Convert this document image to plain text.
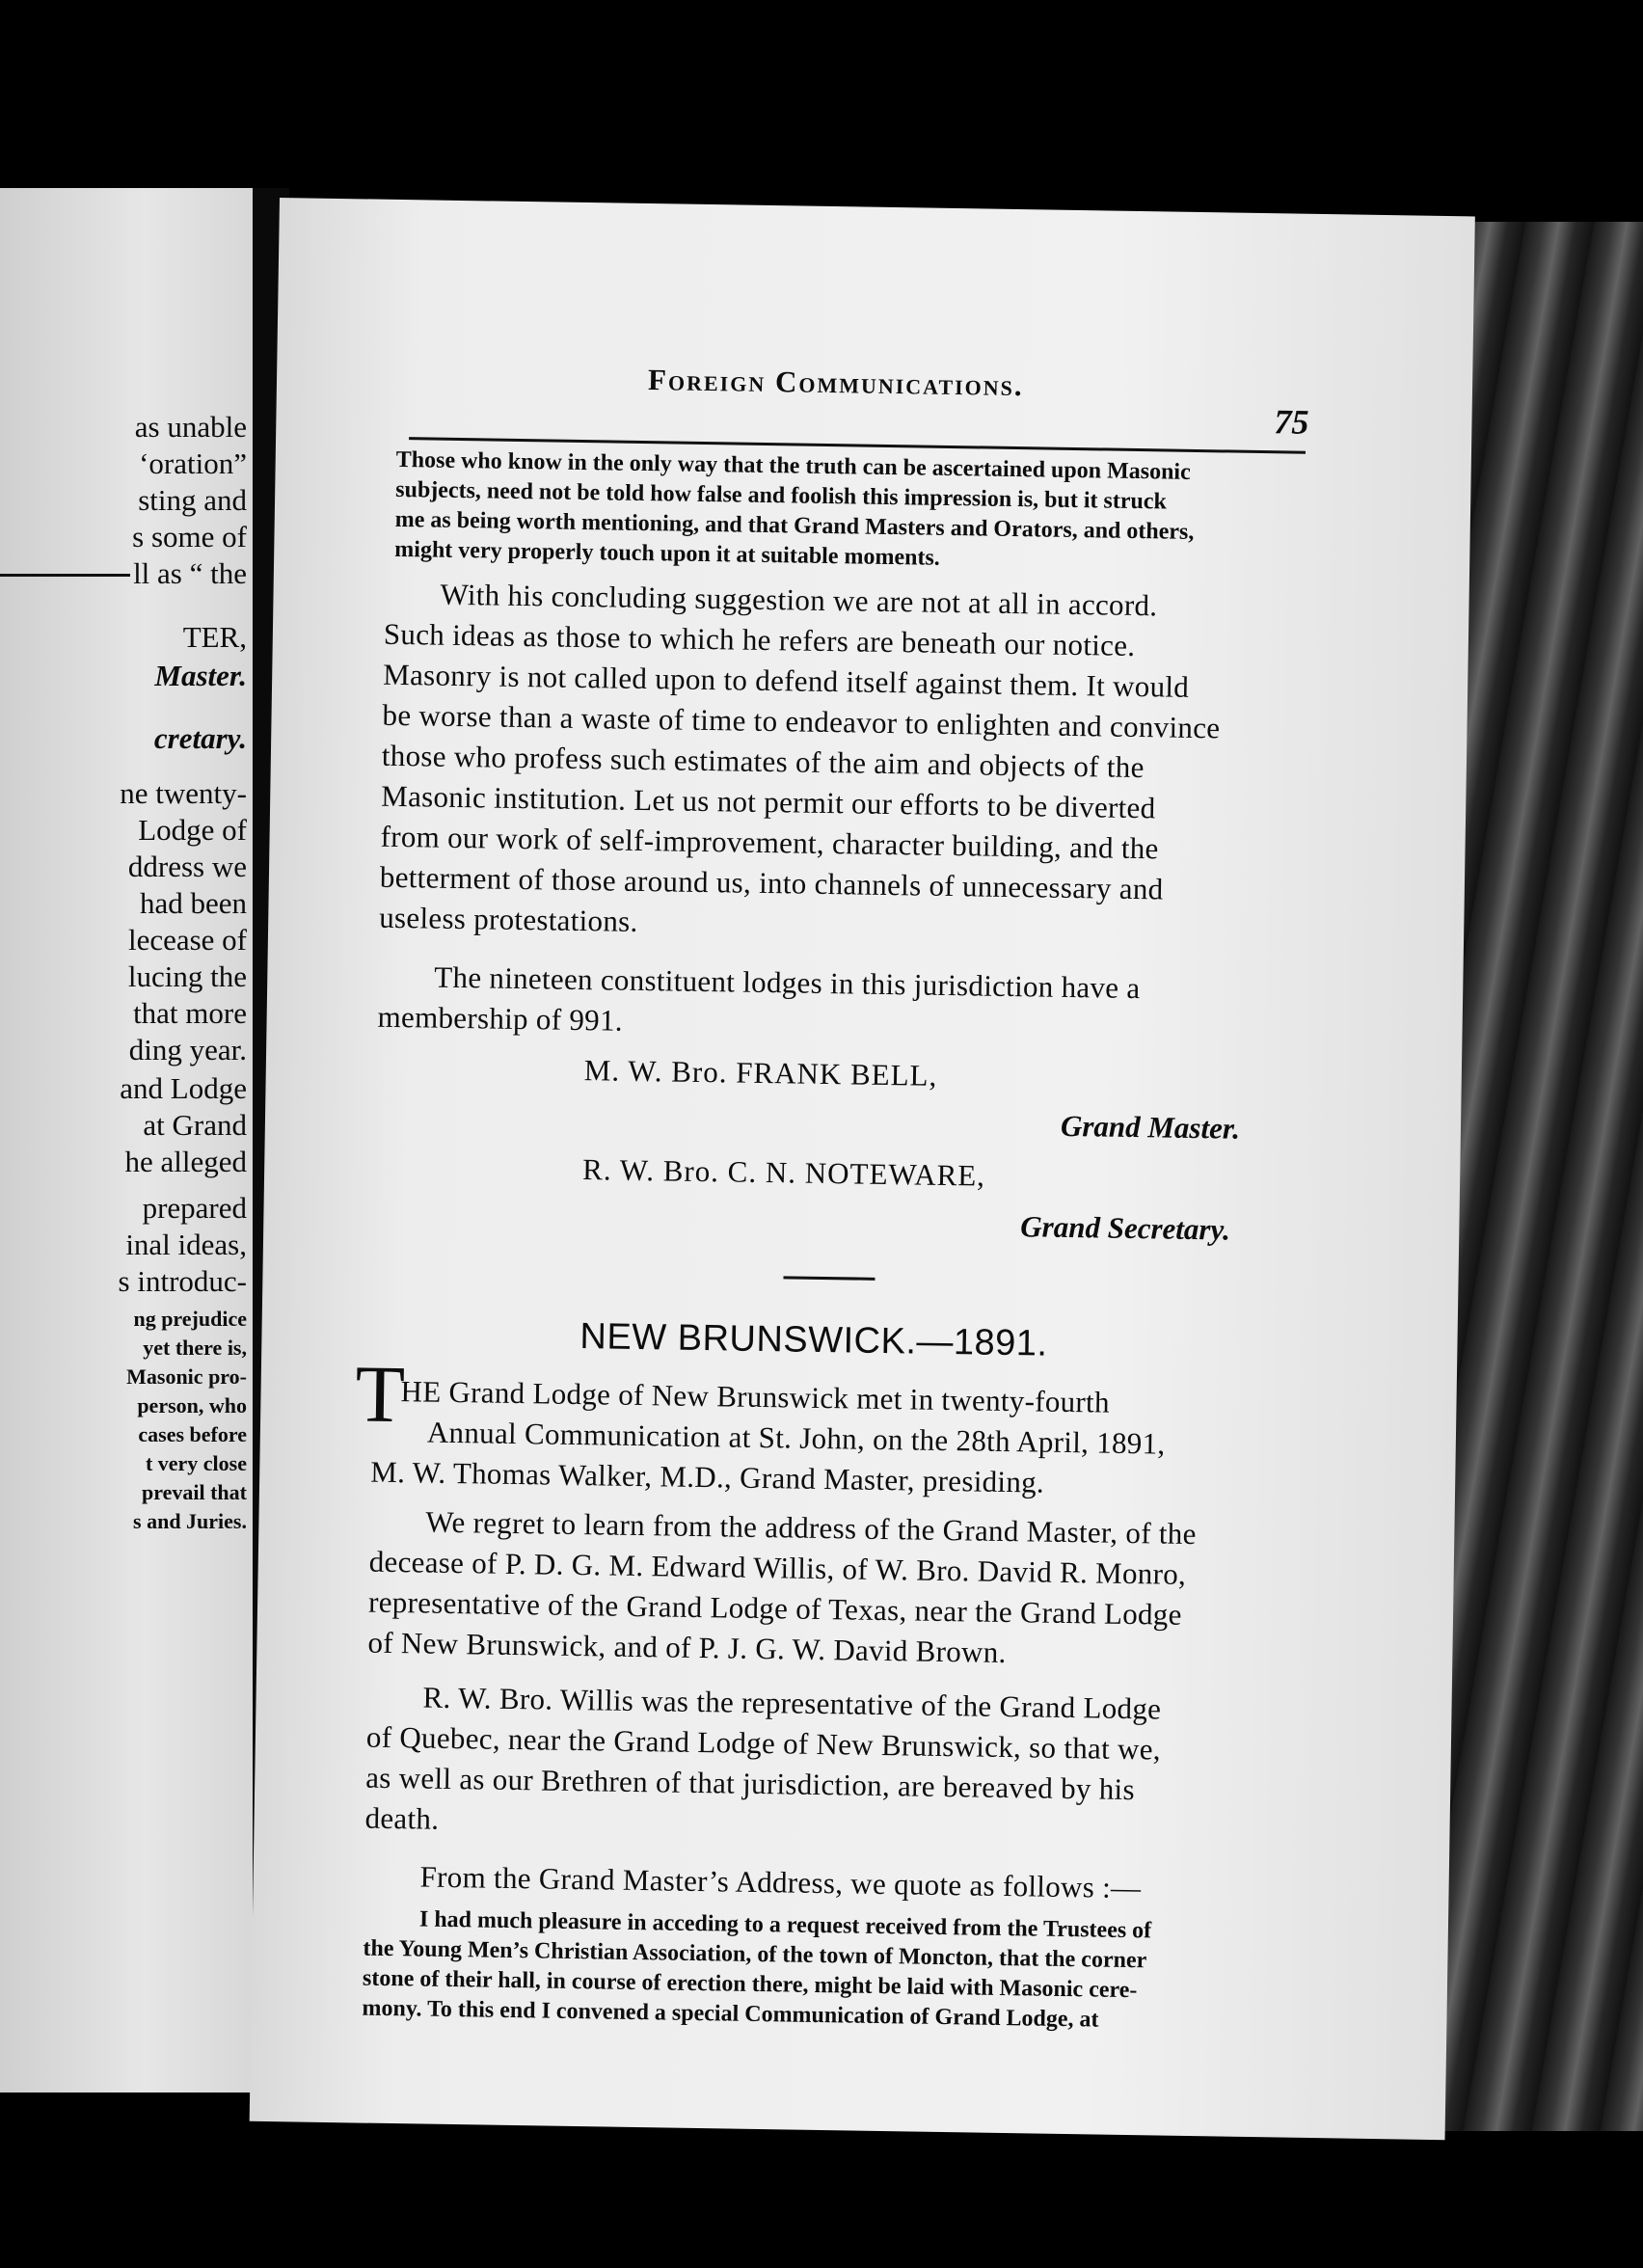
as unable
‘oration”
sting and
s some of
ll as “ the
TER,
Master.
cretary.
ne twenty-
Lodge of
ddress we
had been
lecease of
lucing the
that more
ding year.
and Lodge
at Grand
he alleged
prepared
inal ideas,
s introduc-
ng prejudice
yet there is,
Masonic pro-
person, who
cases before
t very close
prevail that
s and Juries.
Foreign Communications.
75
Those who know in the only way that the truth can be ascertained upon Masonic
subjects, need not be told how false and foolish this impression is, but it struck
me as being worth mentioning, and that Grand Masters and Orators, and others,
might very properly touch upon it at suitable moments.
With his concluding suggestion we are not at all in accord.
Such ideas as those to which he refers are beneath our notice.
Masonry is not called upon to defend itself against them. It would
be worse than a waste of time to endeavor to enlighten and convince
those who profess such estimates of the aim and objects of the
Masonic institution. Let us not permit our efforts to be diverted
from our work of self-improvement, character building, and the
betterment of those around us, into channels of unnecessary and
useless protestations.
The nineteen constituent lodges in this jurisdiction have a
membership of 991.
M. W. Bro. FRANK BELL,
Grand Master.
R. W. Bro. C. N. NOTEWARE,
Grand Secretary.
NEW BRUNSWICK.—1891.
T
HE Grand Lodge of New Brunswick met in twenty-fourth
Annual Communication at St. John, on the 28th April, 1891,
M. W. Thomas Walker, M.D., Grand Master, presiding.
We regret to learn from the address of the Grand Master, of the
decease of P. D. G. M. Edward Willis, of W. Bro. David R. Monro,
representative of the Grand Lodge of Texas, near the Grand Lodge
of New Brunswick, and of P. J. G. W. David Brown.
R. W. Bro. Willis was the representative of the Grand Lodge
of Quebec, near the Grand Lodge of New Brunswick, so that we,
as well as our Brethren of that jurisdiction, are bereaved by his
death.
From the Grand Master’s Address, we quote as follows :—
I had much pleasure in acceding to a request received from the Trustees of
the Young Men’s Christian Association, of the town of Moncton, that the corner
stone of their hall, in course of erection there, might be laid with Masonic cere-
mony. To this end I convened a special Communication of Grand Lodge, at
